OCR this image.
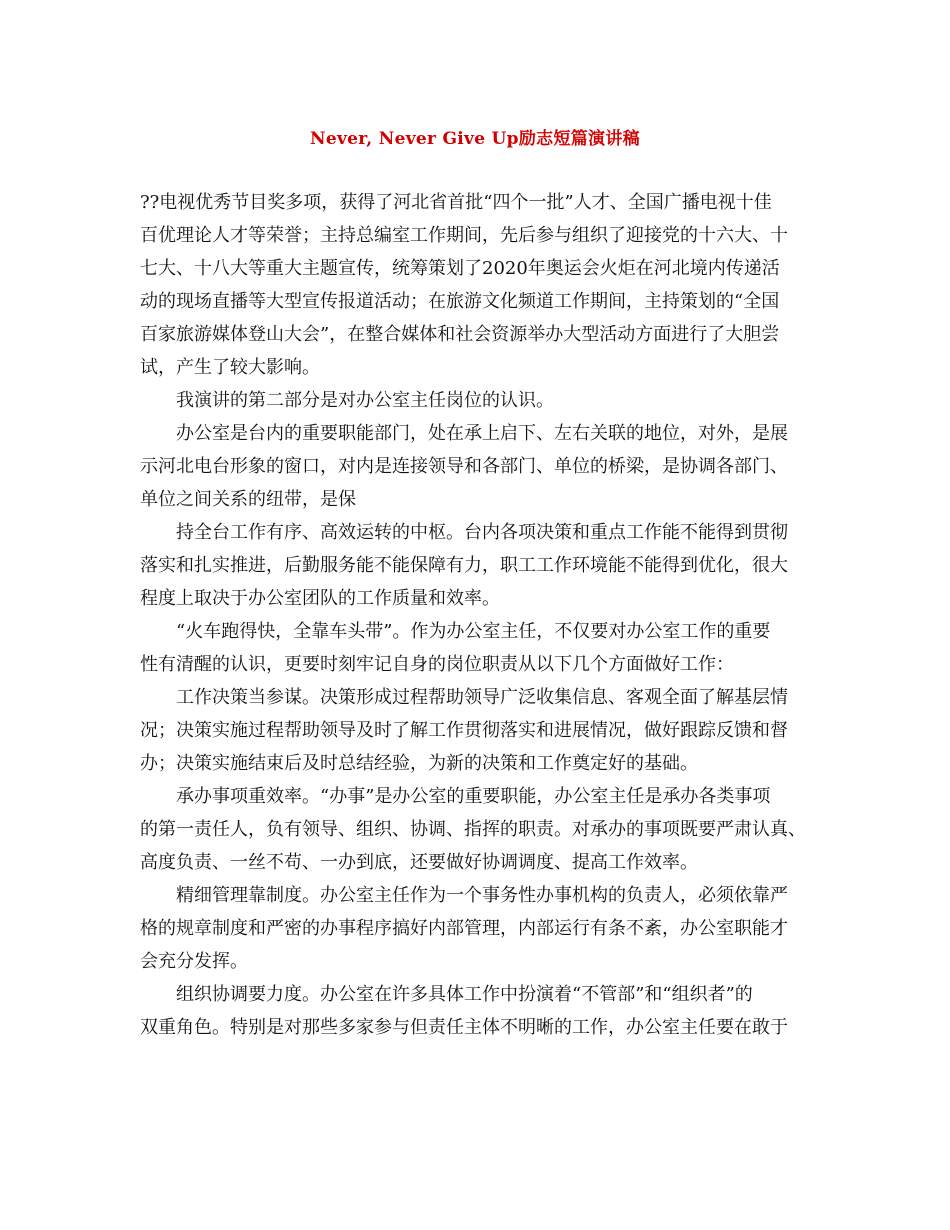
Never, Never Give Up励志短篇演讲稿
??电视优秀节目奖多项，获得了河北省首批“四个一批”人才、全国广播电视十佳
百优理论人才等荣誉；主持总编室工作期间，先后参与组织了迎接党的十六大、十
七大、十八大等重大主题宣传，统筹策划了2020年奥运会火炬在河北境内传递活
动的现场直播等大型宣传报道活动；在旅游文化频道工作期间，主持策划的“全国
百家旅游媒体登山大会”，在整合媒体和社会资源举办大型活动方面进行了大胆尝
试，产生了较大影响。
我演讲的第二部分是对办公室主任岗位的认识。
办公室是台内的重要职能部门，处在承上启下、左右关联的地位，对外，是展
示河北电台形象的窗口，对内是连接领导和各部门、单位的桥梁，是协调各部门、
单位之间关系的纽带，是保
持全台工作有序、高效运转的中枢。台内各项决策和重点工作能不能得到贯彻
落实和扎实推进，后勤服务能不能保障有力，职工工作环境能不能得到优化，很大
程度上取决于办公室团队的工作质量和效率。
“火车跑得快，全靠车头带”。作为办公室主任，不仅要对办公室工作的重要
性有清醒的认识，更要时刻牢记自身的岗位职责从以下几个方面做好工作：
工作决策当参谋。决策形成过程帮助领导广泛收集信息、客观全面了解基层情
况；决策实施过程帮助领导及时了解工作贯彻落实和进展情况，做好跟踪反馈和督
办；决策实施结束后及时总结经验，为新的决策和工作奠定好的基础。
承办事项重效率。“办事”是办公室的重要职能，办公室主任是承办各类事项
的第一责任人，负有领导、组织、协调、指挥的职责。对承办的事项既要严肃认真、
高度负责、一丝不苟、一办到底，还要做好协调调度、提高工作效率。
精细管理靠制度。办公室主任作为一个事务性办事机构的负责人，必须依靠严
格的规章制度和严密的办事程序搞好内部管理，内部运行有条不紊，办公室职能才
会充分发挥。
组织协调要力度。办公室在许多具体工作中扮演着“不管部”和“组织者”的
双重角色。特别是对那些多家参与但责任主体不明晰的工作，办公室主任要在敢于
